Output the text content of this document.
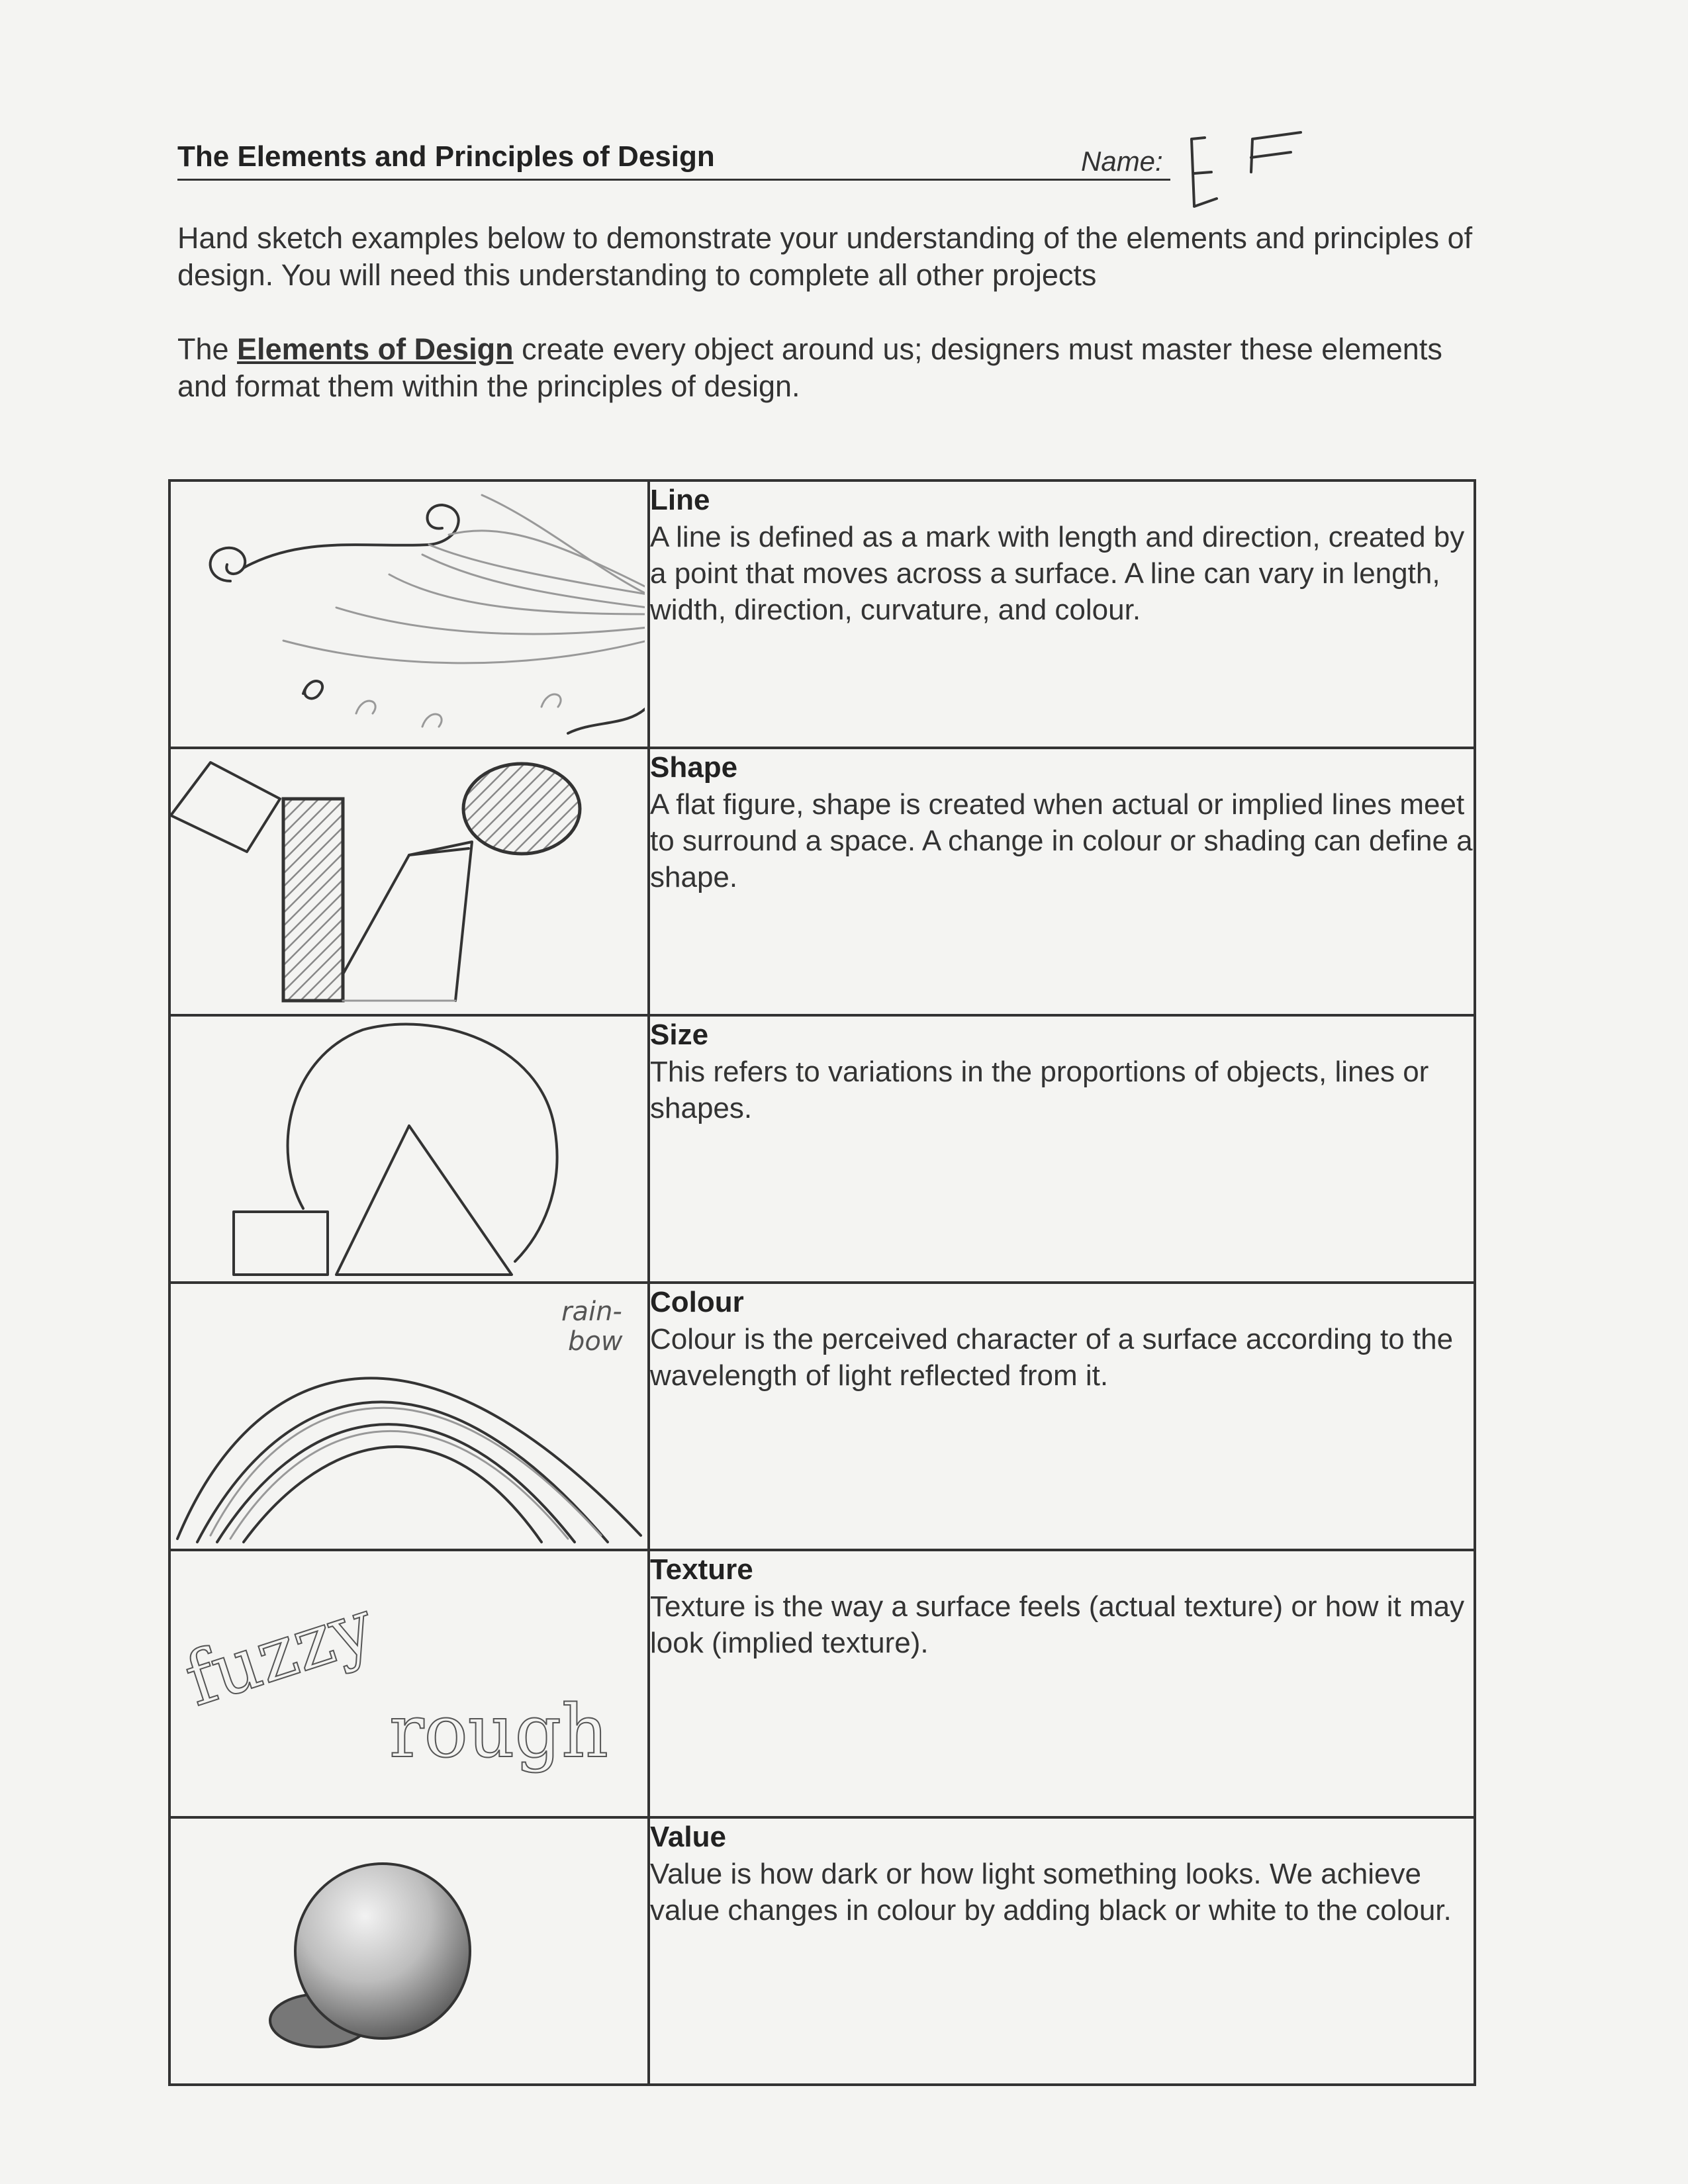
The Elements and Principles of Design	Name:

Hand sketch examples below to demonstrate your understanding of the elements and principles of design. You will need this understanding to complete all other projects

The Elements of Design create every object around us; designers must master these elements and format them within the principles of design.

Line
A line is defined as a mark with length and direction, created by a point that moves across a surface. A line can vary in length, width, direction, curvature, and colour.

Shape
A flat figure, shape is created when actual or implied lines meet to surround a space. A change in colour or shading can define a shape.

Size
This refers to variations in the proportions of objects, lines or shapes.

rain-
bow	Colour
Colour is the perceived character of a surface according to the wavelength of light reflected from it.

fuzzy
rough	Texture
Texture is the way a surface feels (actual texture) or how it may look (implied texture).

Value
Value is how dark or how light something looks. We achieve value changes in colour by adding black or white to the colour.
